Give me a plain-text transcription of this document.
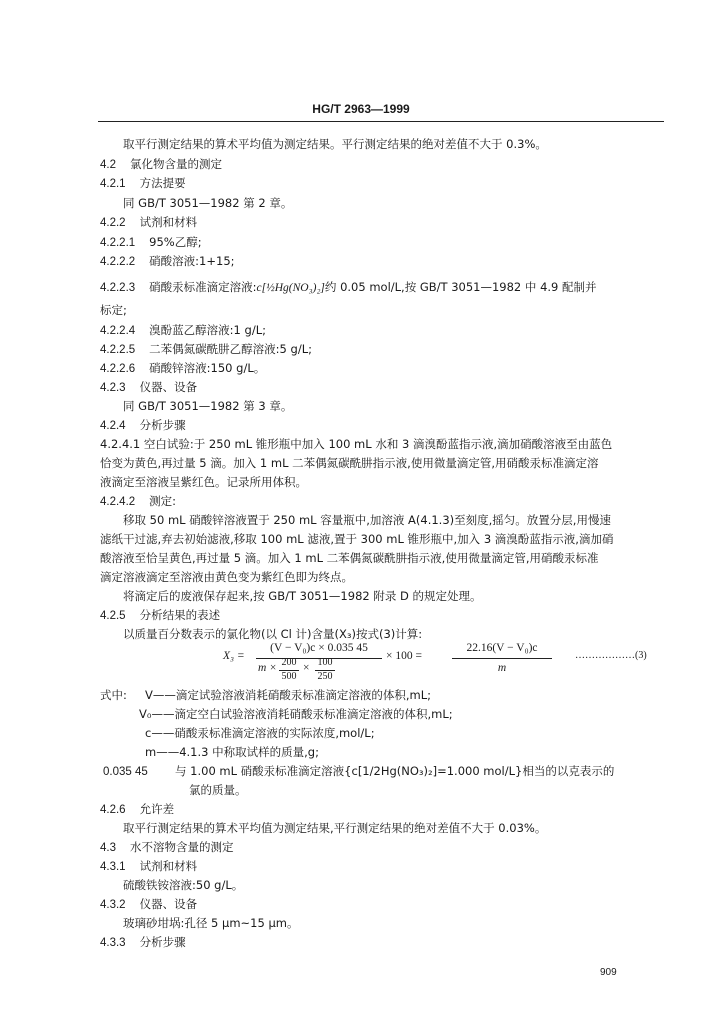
HG/T 2963—1999
取平行测定结果的算术平均值为测定结果。平行测定结果的绝对差值不大于 0.3%。
4.2 氯化物含量的测定
4.2.1 方法提要
同 GB/T 3051—1982 第 2 章。
4.2.2 试剂和材料
4.2.2.1 95%乙醇;
4.2.2.2 硝酸溶液:1+15;
4.2.2.3 硝酸汞标准滴定溶液:c[½Hg(NO₃)₂]约 0.05 mol/L,按 GB/T 3051—1982 中 4.9 配制并
标定;
4.2.2.4 溴酚蓝乙醇溶液:1 g/L;
4.2.2.5 二苯偶氮碳酰肼乙醇溶液:5 g/L;
4.2.2.6 硝酸锌溶液:150 g/L。
4.2.3 仪器、设备
同 GB/T 3051—1982 第 3 章。
4.2.4 分析步骤
4.2.4.1 空白试验:于 250 mL 锥形瓶中加入 100 mL 水和 3 滴溴酚蓝指示液,滴加硝酸溶液至由蓝色
恰变为黄色,再过量 5 滴。加入 1 mL 二苯偶氮碳酰肼指示液,使用微量滴定管,用硝酸汞标准滴定溶
液滴定至溶液呈紫红色。记录所用体积。
4.2.4.2 测定:
移取 50 mL 硝酸锌溶液置于 250 mL 容量瓶中,加溶液 A(4.1.3)至刻度,摇匀。放置分层,用慢速
滤纸干过滤,弃去初始滤液,移取 100 mL 滤液,置于 300 mL 锥形瓶中,加入 3 滴溴酚蓝指示液,滴加硝
酸溶液至恰呈黄色,再过量 5 滴。加入 1 mL 二苯偶氮碳酰肼指示液,使用微量滴定管,用硝酸汞标准
滴定溶液滴定至溶液由黄色变为紫红色即为终点。
将滴定后的废液保存起来,按 GB/T 3051—1982 附录 D 的规定处理。
4.2.5 分析结果的表述
以质量百分数表示的氯化物(以 Cl 计)含量(X₃)按式(3)计算:
X₃ =
(V − V₀)c × 0.035 45
m × 200
500
× 100
250
× 100 =
22.16(V − V₀)c
m
………………(3)
式中: V——滴定试验溶液消耗硝酸汞标准滴定溶液的体积,mL;
V₀——滴定空白试验溶液消耗硝酸汞标准滴定溶液的体积,mL;
c——硝酸汞标准滴定溶液的实际浓度,mol/L;
m——4.1.3 中称取试样的质量,g;
0.035 45 与 1.00 mL 硝酸汞标准滴定溶液{c[1/2Hg(NO₃)₂]=1.000 mol/L}相当的以克表示的
氯的质量。
4.2.6 允许差
取平行测定结果的算术平均值为测定结果,平行测定结果的绝对差值不大于 0.03%。
4.3 水不溶物含量的测定
4.3.1 试剂和材料
硫酸铁铵溶液:50 g/L。
4.3.2 仪器、设备
玻璃砂坩埚:孔径 5 μm~15 μm。
4.3.3 分析步骤
909
